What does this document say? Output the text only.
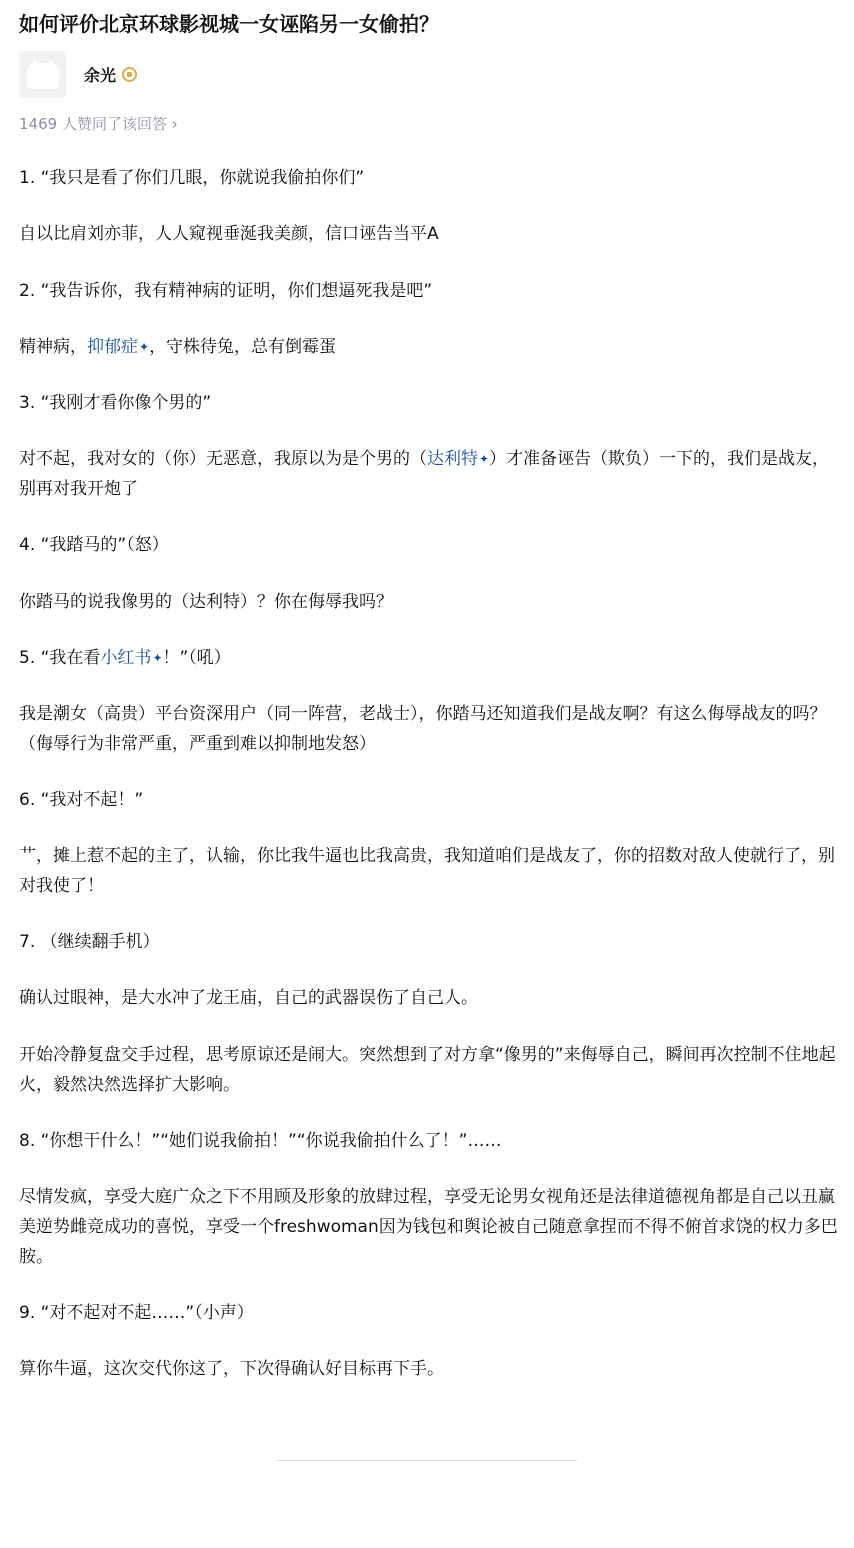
如何评价北京环球影视城一女诬陷另一女偷拍？
余光
1469 人赞同了该回答 ›

1. “我只是看了你们几眼，你就说我偷拍你们”

自以比肩刘亦菲，人人窥视垂涎我美颜，信口诬告当平A

2. “我告诉你，我有精神病的证明，你们想逼死我是吧”

精神病，抑郁症✦，守株待兔，总有倒霉蛋

3. “我刚才看你像个男的”

对不起，我对女的（你）无恶意，我原以为是个男的（达利特✦）才准备诬告（欺负）一下的，我们是战友，别再对我开炮了

4. “我踏马的”（怒）

你踏马的说我像男的（达利特）？你在侮辱我吗？

5. “我在看小红书✦！”（吼）

我是潮女（高贵）平台资深用户（同一阵营，老战士），你踏马还知道我们是战友啊？有这么侮辱战友的吗？（侮辱行为非常严重，严重到难以抑制地发怒）

6. “我对不起！”

艹，摊上惹不起的主了，认输，你比我牛逼也比我高贵，我知道咱们是战友了，你的招数对敌人使就行了，别对我使了！

7. （继续翻手机）

确认过眼神，是大水冲了龙王庙，自己的武器误伤了自己人。

开始冷静复盘交手过程，思考原谅还是闹大。突然想到了对方拿“像男的”来侮辱自己，瞬间再次控制不住地起火，毅然决然选择扩大影响。

8. “你想干什么！”“她们说我偷拍！”“你说我偷拍什么了！”……

尽情发疯，享受大庭广众之下不用顾及形象的放肆过程，享受无论男女视角还是法律道德视角都是自己以丑赢美逆势雌竞成功的喜悦，享受一个freshwoman因为钱包和舆论被自己随意拿捏而不得不俯首求饶的权力多巴胺。

9. “对不起对不起……”（小声）

算你牛逼，这次交代你这了，下次得确认好目标再下手。
